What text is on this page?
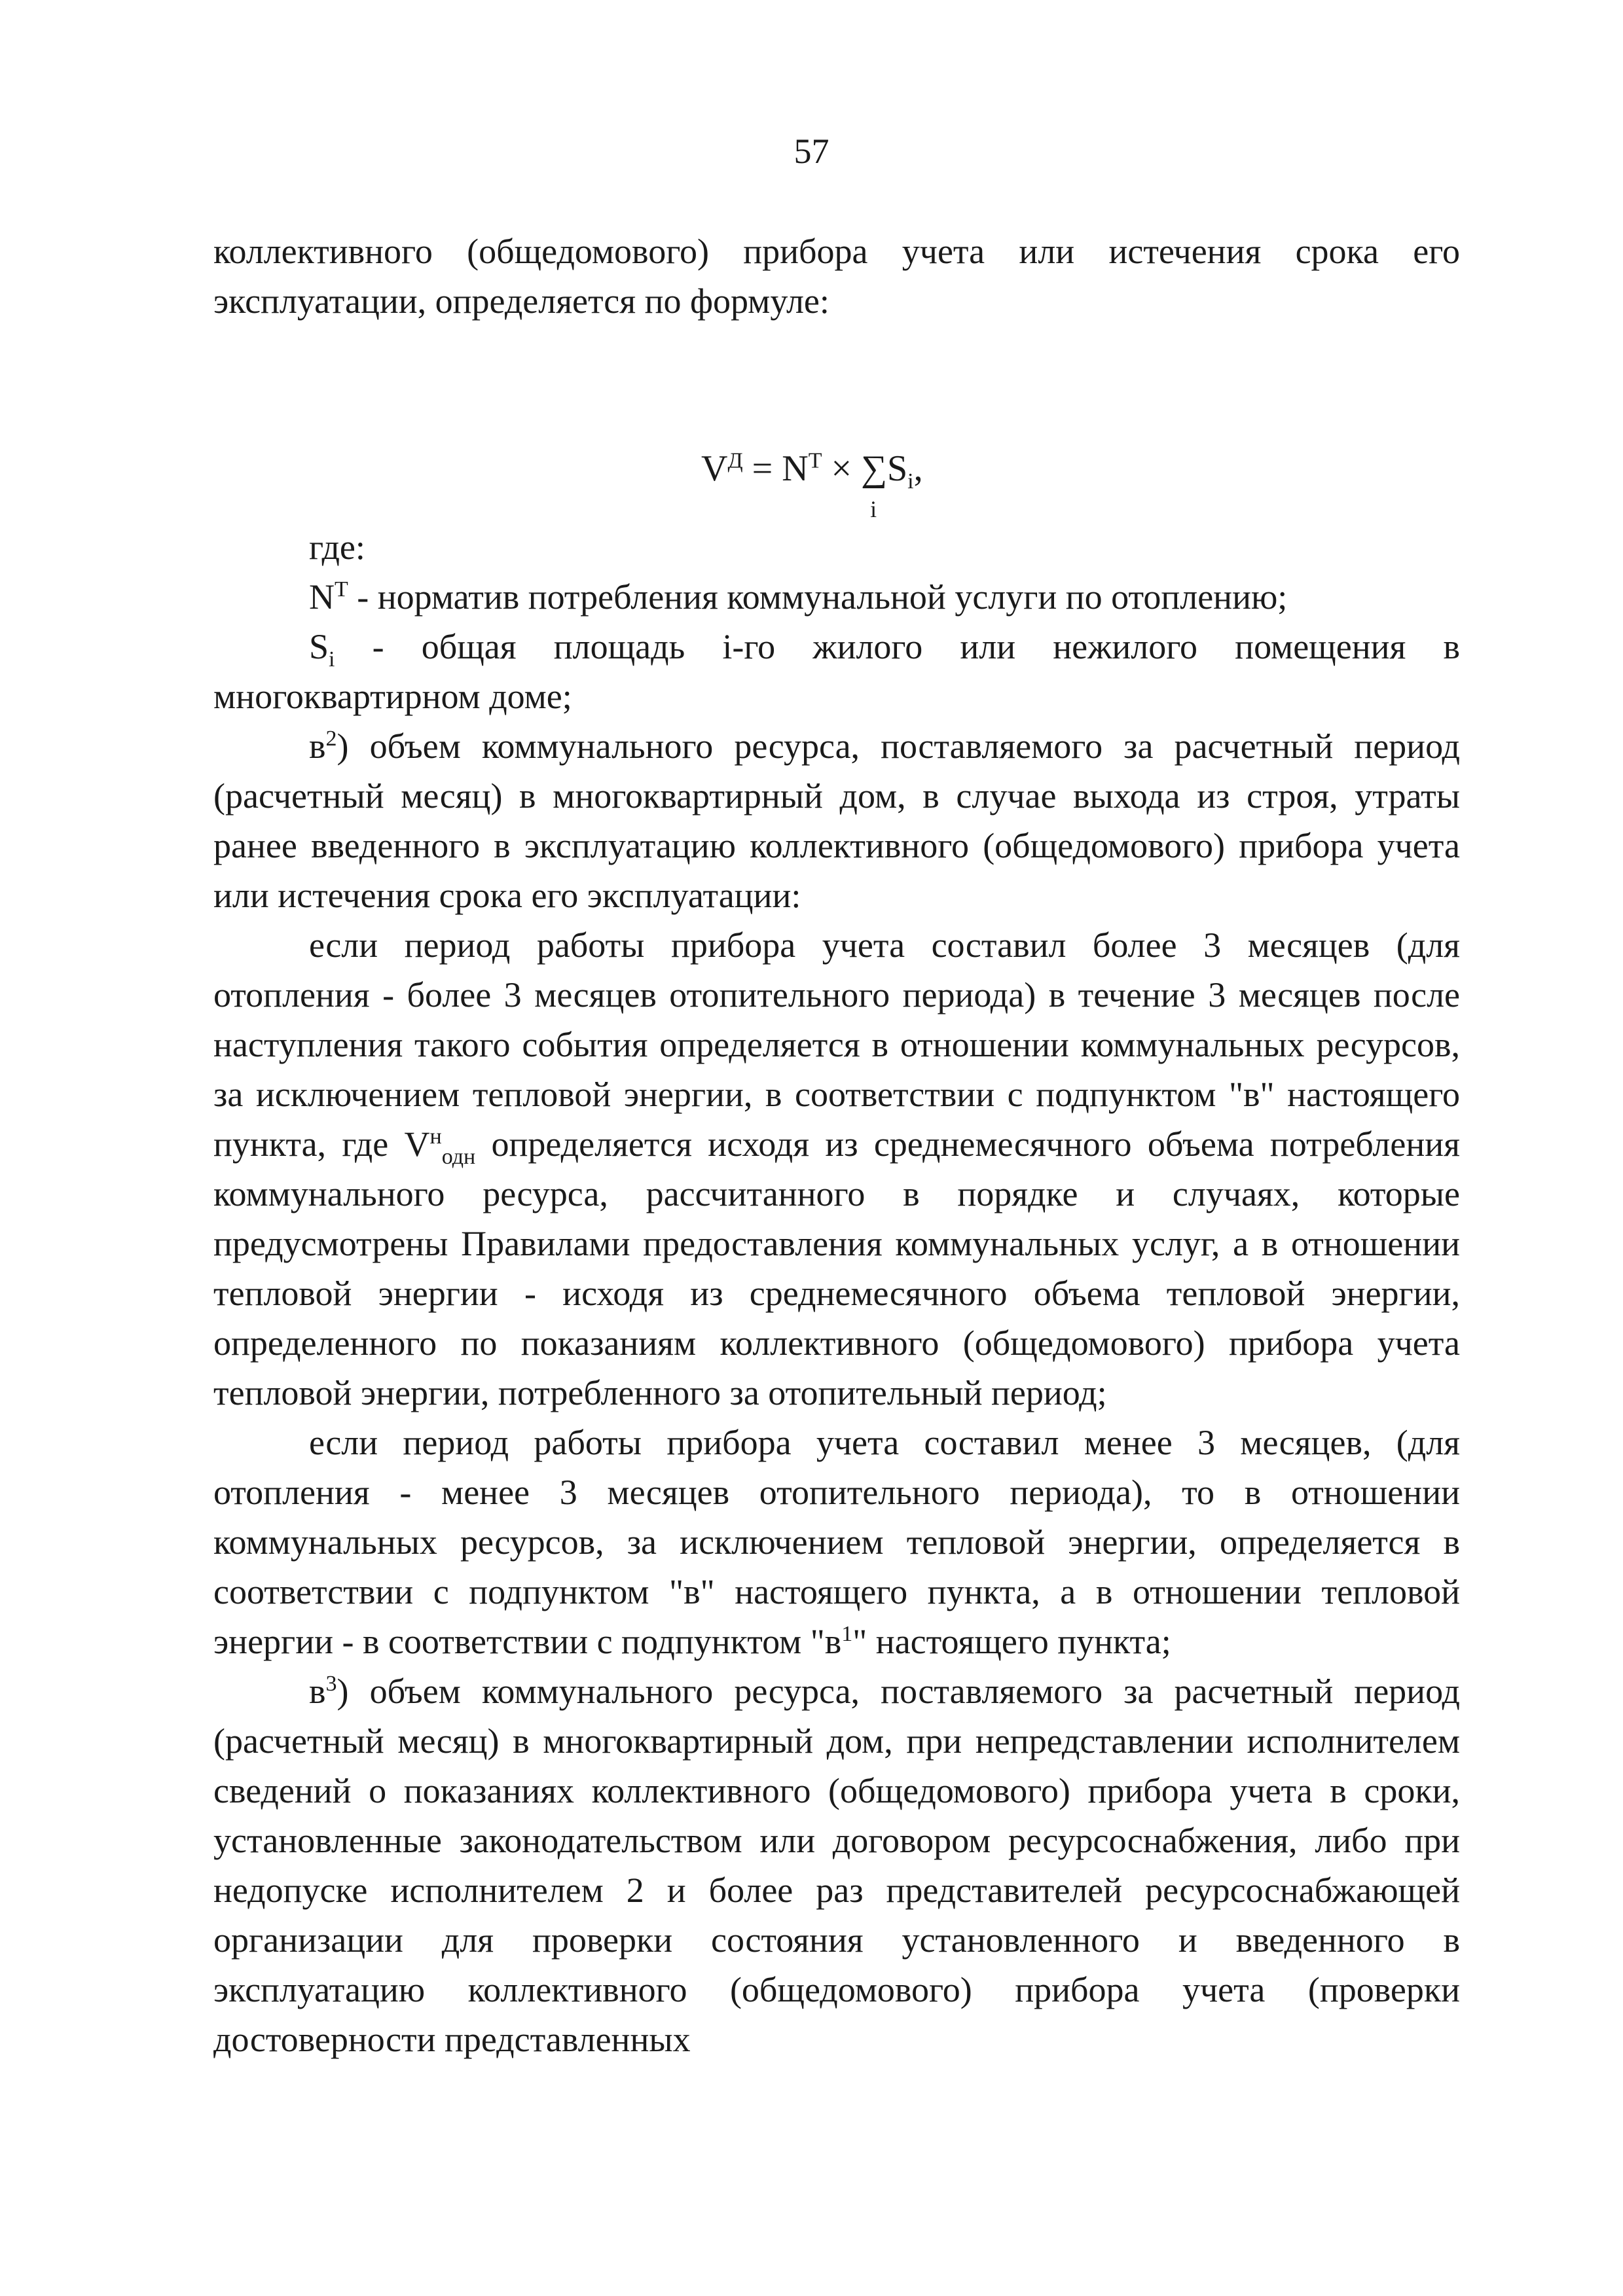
57

коллективного (общедомового) прибора учета или истечения срока его эксплуатации, определяется по формуле:

$V^Д = N^Т$ × ∑
i
$S_i$,

где:

$N^Т$ - норматив потребления коммунальной услуги по отоплению;

$S_i$ - общая площадь i-го жилого или нежилого помещения в многоквартирном доме;

$в^2$) объем коммунального ресурса, поставляемого за расчетный период (расчетный месяц) в многоквартирный дом, в случае выхода из строя, утраты ранее введенного в эксплуатацию коллективного (общедомового) прибора учета или истечения срока его эксплуатации:

если период работы прибора учета составил более 3 месяцев (для отопления - более 3 месяцев отопительного периода) в течение 3 месяцев после наступления такого события определяется в отношении коммунальных ресурсов, за исключением тепловой энергии, в соответствии с подпунктом "в" настоящего пункта, где $V^н_{одн}$ определяется исходя из среднемесячного объема потребления коммунального ресурса, рассчитанного в порядке и случаях, которые предусмотрены Правилами предоставления коммунальных услуг, а в отношении тепловой энергии - исходя из среднемесячного объема тепловой энергии, определенного по показаниям коллективного (общедомового) прибора учета тепловой энергии, потребленного за отопительный период;

если период работы прибора учета составил менее 3 месяцев, (для отопления - менее 3 месяцев отопительного периода), то в отношении коммунальных ресурсов, за исключением тепловой энергии, определяется в соответствии с подпунктом "в" настоящего пункта, а в отношении тепловой энергии - в соответствии с подпунктом "$в^1$" настоящего пункта;

$в^3$) объем коммунального ресурса, поставляемого за расчетный период (расчетный месяц) в многоквартирный дом, при непредставлении исполнителем сведений о показаниях коллективного (общедомового) прибора учета в сроки, установленные законодательством или договором ресурсоснабжения, либо при недопуске исполнителем 2 и более раз представителей ресурсоснабжающей организации для проверки состояния установленного и введенного в эксплуатацию коллективного (общедомового) прибора учета (проверки достоверности представленных
